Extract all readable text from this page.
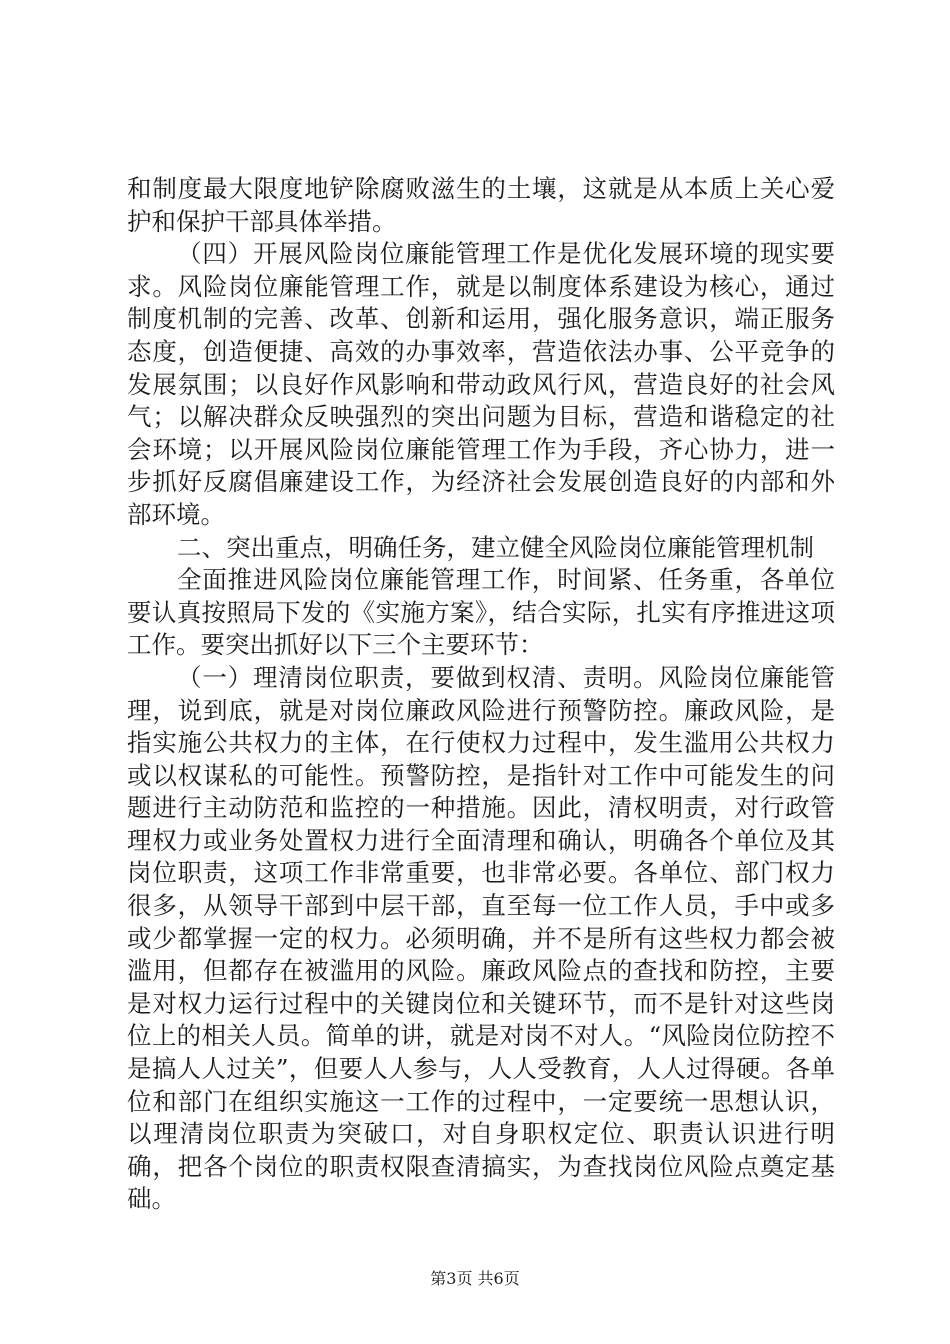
和制度最大限度地铲除腐败滋生的土壤，这就是从本质上关心爱护和保护干部具体举措。

（四）开展风险岗位廉能管理工作是优化发展环境的现实要求。风险岗位廉能管理工作，就是以制度体系建设为核心，通过制度机制的完善、改革、创新和运用，强化服务意识，端正服务态度，创造便捷、高效的办事效率，营造依法办事、公平竞争的发展氛围；以良好作风影响和带动政风行风，营造良好的社会风气；以解决群众反映强烈的突出问题为目标，营造和谐稳定的社会环境；以开展风险岗位廉能管理工作为手段，齐心协力，进一步抓好反腐倡廉建设工作，为经济社会发展创造良好的内部和外部环境。

二、突出重点，明确任务，建立健全风险岗位廉能管理机制

全面推进风险岗位廉能管理工作，时间紧、任务重，各单位要认真按照局下发的《实施方案》，结合实际，扎实有序推进这项工作。要突出抓好以下三个主要环节：

（一）理清岗位职责，要做到权清、责明。风险岗位廉能管理，说到底，就是对岗位廉政风险进行预警防控。廉政风险，是指实施公共权力的主体，在行使权力过程中，发生滥用公共权力或以权谋私的可能性。预警防控，是指针对工作中可能发生的问题进行主动防范和监控的一种措施。因此，清权明责，对行政管理权力或业务处置权力进行全面清理和确认，明确各个单位及其岗位职责，这项工作非常重要，也非常必要。各单位、部门权力很多，从领导干部到中层干部，直至每一位工作人员，手中或多或少都掌握一定的权力。必须明确，并不是所有这些权力都会被滥用，但都存在被滥用的风险。廉政风险点的查找和防控，主要是对权力运行过程中的关键岗位和关键环节，而不是针对这些岗位上的相关人员。简单的讲，就是对岗不对人。“风险岗位防控不是搞人人过关”，但要人人参与，人人受教育，人人过得硬。各单位和部门在组织实施这一工作的过程中，一定要统一思想认识，以理清岗位职责为突破口，对自身职权定位、职责认识进行明确，把各个岗位的职责权限查清搞实，为查找岗位风险点奠定基础。

第3页 共6页
